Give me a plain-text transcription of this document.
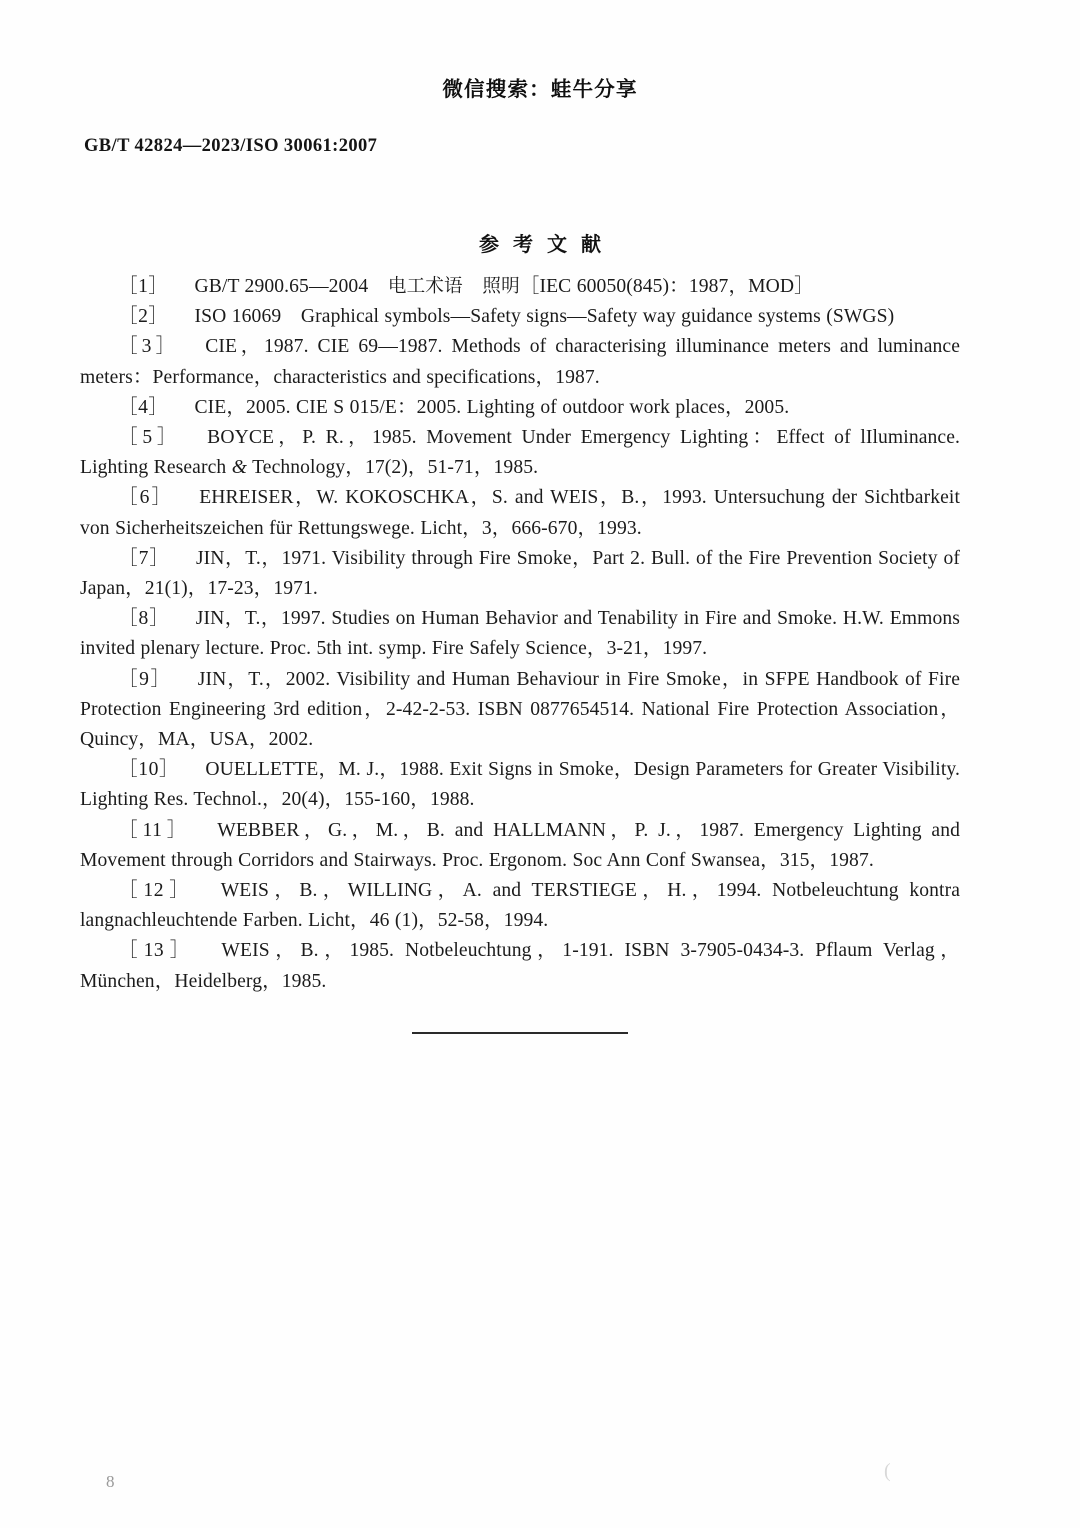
微信搜索：蛙牛分享
GB/T 42824—2023/ISO 30061:2007
参考文献

［1］ GB/T 2900.65—2004　电工术语　 照明［IEC 60050(845)：1987，MOD］

［2］ ISO 16069　Graphical symbols—Safety signs—Safety way guidance systems (SWGS)

［3］ CIE，1987. CIE 69—1987. Methods of characterising illuminance meters and luminance meters：Performance，characteristics and specifications，1987.

［4］ CIE，2005. CIE S 015/E：2005. Lighting of outdoor work places，2005.

［5］ BOYCE，P. R.，1985. Movement Under Emergency Lighting：Effect of lIluminance. Lighting Research & Technology，17(2)，51-71，1985.

［6］ EHREISER，W. KOKOSCHKA，S. and WEIS，B.，1993. Untersuchung der Sichtbarkeit von Sicherheitszeichen für Rettungswege. Licht，3，666-670，1993.

［7］ JIN，T.，1971. Visibility through Fire Smoke，Part 2. Bull. of the Fire Prevention Society of Japan，21(1)，17-23，1971.

［8］ JIN，T.，1997. Studies on Human Behavior and Tenability in Fire and Smoke. H.W. Emmons invited plenary lecture. Proc. 5th int. symp. Fire Safely Science，3-21，1997.

［9］ JIN，T.，2002. Visibility and Human Behaviour in Fire Smoke，in SFPE Handbook of Fire Protection Engineering 3rd edition，2-42-2-53. ISBN 0877654514. National Fire Protection Association，Quincy，MA，USA，2002.

［10］ OUELLETTE，M. J.，1988. Exit Signs in Smoke，Design Parameters for Greater Visibility. Lighting Res. Technol.，20(4)，155-160，1988.

［11］ WEBBER，G.，M.，B. and HALLMANN，P. J.，1987. Emergency Lighting and Movement through Corridors and Stairways. Proc. Ergonom. Soc Ann Conf Swansea，315，1987.

［12］ WEIS，B.，WILLING，A. and TERSTIEGE，H.，1994. Notbeleuchtung kontra langnachleuchtende Farben. Licht，46 (1)，52-58，1994.

［13］ WEIS，B.，1985. Notbeleuchtung，1-191. ISBN 3-7905-0434-3. Pflaum Verlag，München，Heidelberg，1985.

8	(
